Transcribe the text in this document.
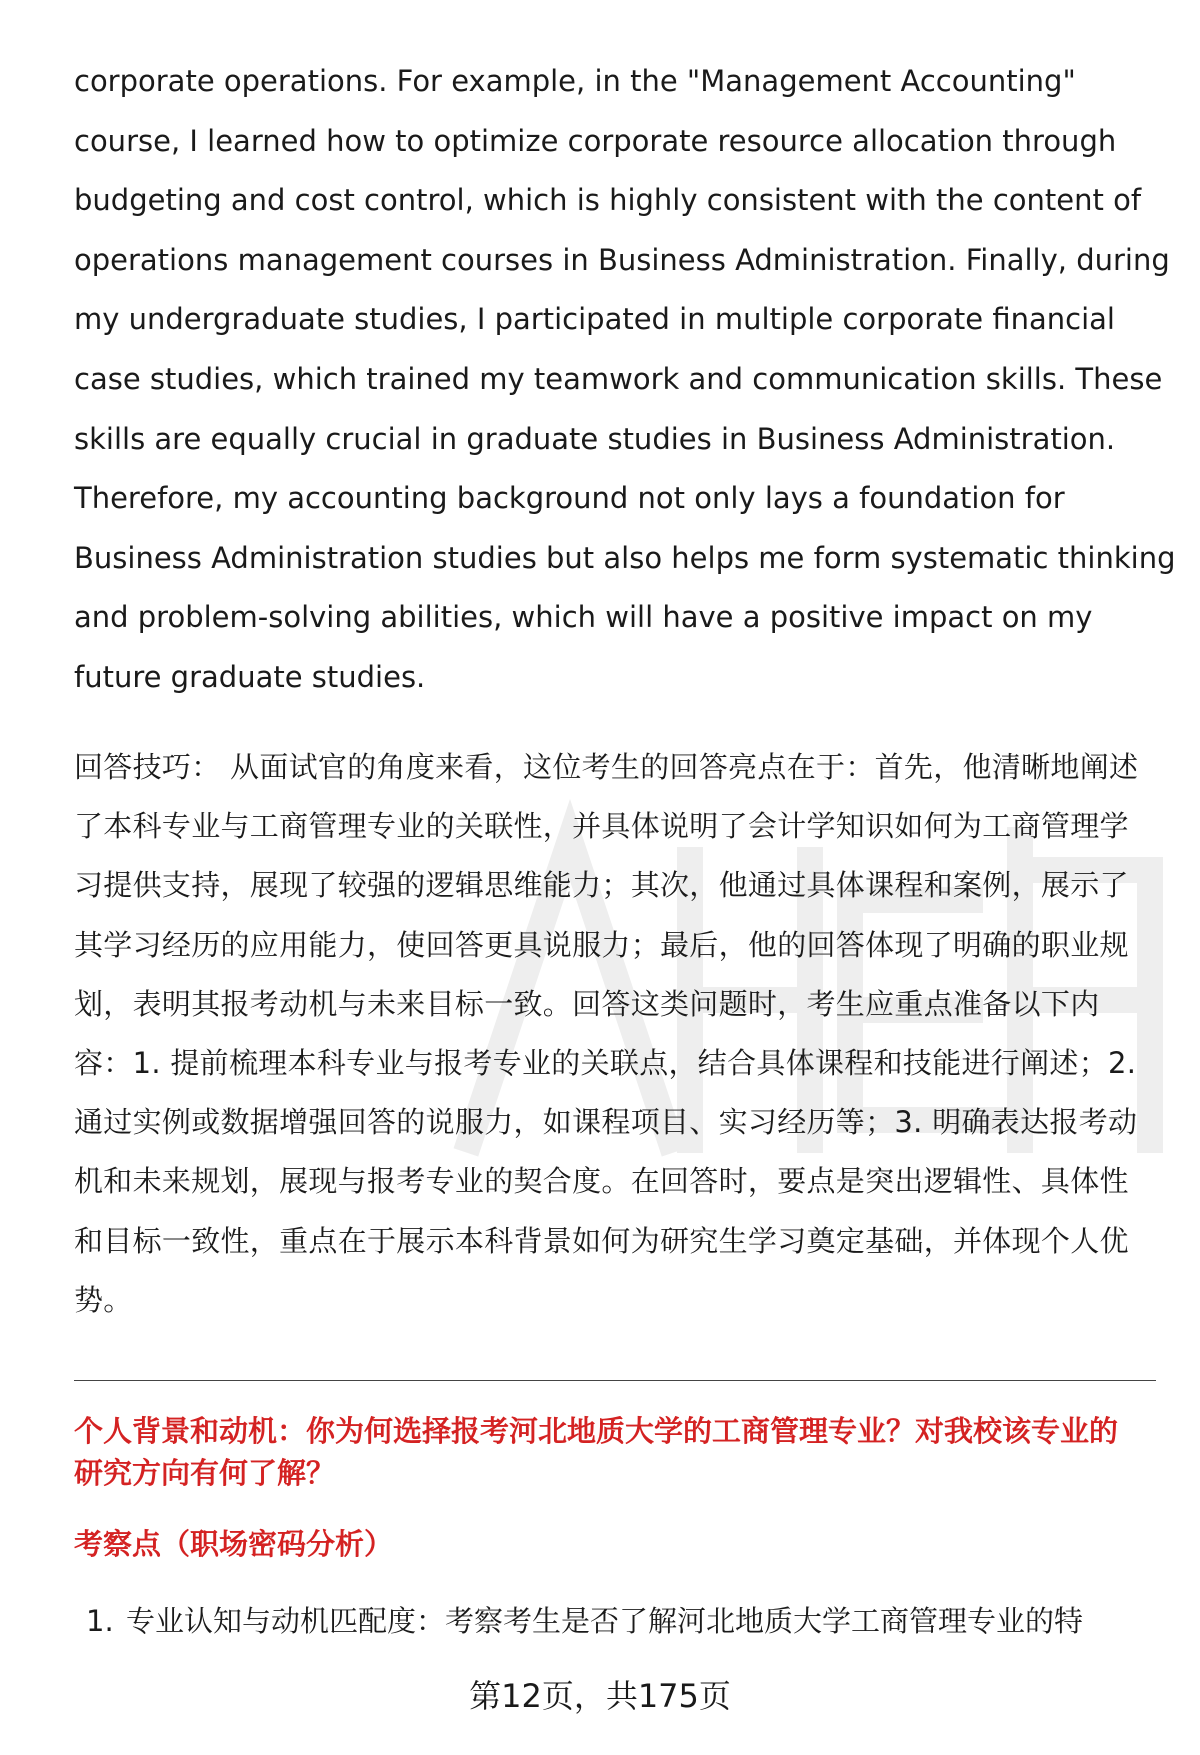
corporate operations. For example, in the "Management Accounting"
course, I learned how to optimize corporate resource allocation through
budgeting and cost control, which is highly consistent with the content of
operations management courses in Business Administration. Finally, during
my undergraduate studies, I participated in multiple corporate financial
case studies, which trained my teamwork and communication skills. These
skills are equally crucial in graduate studies in Business Administration.
Therefore, my accounting background not only lays a foundation for
Business Administration studies but also helps me form systematic thinking
and problem-solving abilities, which will have a positive impact on my
future graduate studies.
回答技巧： 从面试官的角度来看，这位考生的回答亮点在于：首先，他清晰地阐述
了本科专业与工商管理专业的关联性，并具体说明了会计学知识如何为工商管理学
习提供支持，展现了较强的逻辑思维能力；其次，他通过具体课程和案例，展示了
其学习经历的应用能力，使回答更具说服力；最后，他的回答体现了明确的职业规
划，表明其报考动机与未来目标一致。回答这类问题时，考生应重点准备以下内
容：1. 提前梳理本科专业与报考专业的关联点，结合具体课程和技能进行阐述；2.
通过实例或数据增强回答的说服力，如课程项目、实习经历等；3. 明确表达报考动
机和未来规划，展现与报考专业的契合度。在回答时，要点是突出逻辑性、具体性
和目标一致性，重点在于展示本科背景如何为研究生学习奠定基础，并体现个人优
势。
个人背景和动机：你为何选择报考河北地质大学的工商管理专业？对我校该专业的
研究方向有何了解？
考察点（职场密码分析）
1. 专业认知与动机匹配度：考察考生是否了解河北地质大学工商管理专业的特
第12页，共175页
